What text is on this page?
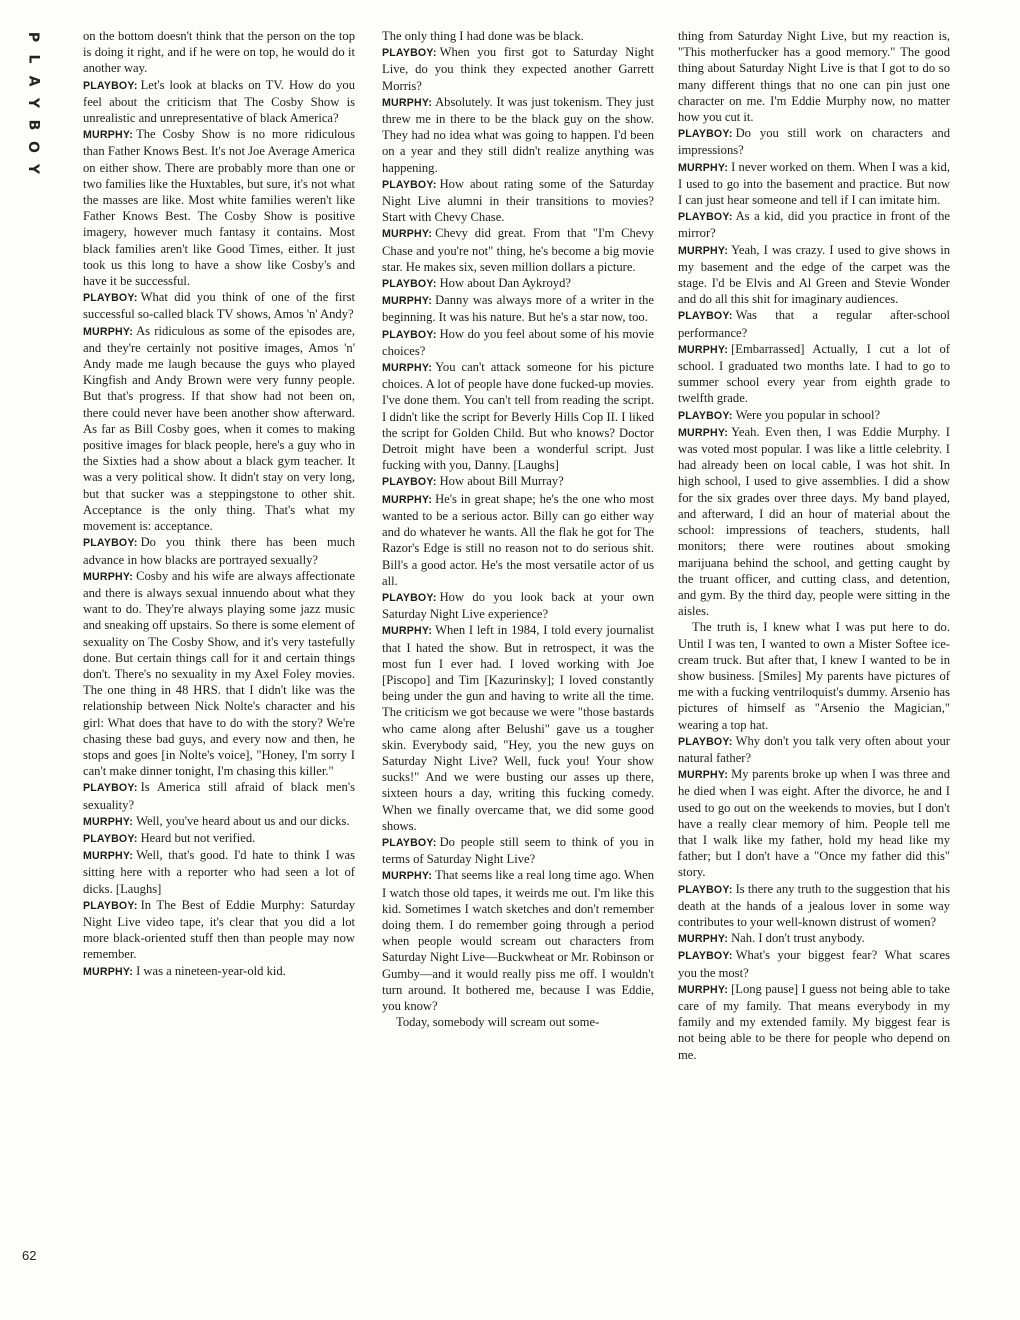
P
L
A
Y
B
O
Y

on the bottom doesn't think that the person on the top is doing it right, and if he were on top, he would do it another way.

PLAYBOY: Let's look at blacks on TV. How do you feel about the criticism that The Cosby Show is unrealistic and unrepresentative of black America?

MURPHY: The Cosby Show is no more ridiculous than Father Knows Best. It's not Joe Average America on either show. There are probably more than one or two families like the Huxtables, but sure, it's not what the masses are like. Most white families weren't like Father Knows Best. The Cosby Show is positive imagery, however much fantasy it contains. Most black families aren't like Good Times, either. It just took us this long to have a show like Cosby's and have it be successful.

PLAYBOY: What did you think of one of the first successful so-called black TV shows, Amos 'n' Andy?

MURPHY: As ridiculous as some of the episodes are, and they're certainly not positive images, Amos 'n' Andy made me laugh because the guys who played Kingfish and Andy Brown were very funny people. But that's progress. If that show had not been on, there could never have been another show afterward. As far as Bill Cosby goes, when it comes to making positive images for black people, here's a guy who in the Sixties had a show about a black gym teacher. It was a very political show. It didn't stay on very long, but that sucker was a steppingstone to other shit. Acceptance is the only thing. That's what my movement is: acceptance.

PLAYBOY: Do you think there has been much advance in how blacks are portrayed sexually?

MURPHY: Cosby and his wife are always affectionate and there is always sexual innuendo about what they want to do. They're always playing some jazz music and sneaking off upstairs. So there is some element of sexuality on The Cosby Show, and it's very tastefully done. But certain things call for it and certain things don't. There's no sexuality in my Axel Foley movies. The one thing in 48 HRS. that I didn't like was the relationship between Nick Nolte's character and his girl: What does that have to do with the story? We're chasing these bad guys, and every now and then, he stops and goes [in Nolte's voice], "Honey, I'm sorry I can't make dinner tonight, I'm chasing this killer."

PLAYBOY: Is America still afraid of black men's sexuality?

MURPHY: Well, you've heard about us and our dicks.

PLAYBOY: Heard but not verified.

MURPHY: Well, that's good. I'd hate to think I was sitting here with a reporter who had seen a lot of dicks. [Laughs]

PLAYBOY: In The Best of Eddie Murphy: Saturday Night Live video tape, it's clear that you did a lot more black-oriented stuff then than people may now remember.

MURPHY: I was a nineteen-year-old kid.

The only thing I had done was be black.

PLAYBOY: When you first got to Saturday Night Live, do you think they expected another Garrett Morris?

MURPHY: Absolutely. It was just tokenism. They just threw me in there to be the black guy on the show. They had no idea what was going to happen. I'd been on a year and they still didn't realize anything was happening.

PLAYBOY: How about rating some of the Saturday Night Live alumni in their transitions to movies? Start with Chevy Chase.

MURPHY: Chevy did great. From that "I'm Chevy Chase and you're not" thing, he's become a big movie star. He makes six, seven million dollars a picture.

PLAYBOY: How about Dan Aykroyd?

MURPHY: Danny was always more of a writer in the beginning. It was his nature. But he's a star now, too.

PLAYBOY: How do you feel about some of his movie choices?

MURPHY: You can't attack someone for his picture choices. A lot of people have done fucked-up movies. I've done them. You can't tell from reading the script. I didn't like the script for Beverly Hills Cop II. I liked the script for Golden Child. But who knows? Doctor Detroit might have been a wonderful script. Just fucking with you, Danny. [Laughs]

PLAYBOY: How about Bill Murray?

MURPHY: He's in great shape; he's the one who most wanted to be a serious actor. Billy can go either way and do whatever he wants. All the flak he got for The Razor's Edge is still no reason not to do serious shit. Bill's a good actor. He's the most versatile actor of us all.

PLAYBOY: How do you look back at your own Saturday Night Live experience?

MURPHY: When I left in 1984, I told every journalist that I hated the show. But in retrospect, it was the most fun I ever had. I loved working with Joe [Piscopo] and Tim [Kazurinsky]; I loved constantly being under the gun and having to write all the time. The criticism we got because we were "those bastards who came along after Belushi" gave us a tougher skin. Everybody said, "Hey, you the new guys on Saturday Night Live? Well, fuck you! Your show sucks!" And we were busting our asses up there, sixteen hours a day, writing this fucking comedy. When we finally overcame that, we did some good shows.

PLAYBOY: Do people still seem to think of you in terms of Saturday Night Live?

MURPHY: That seems like a real long time ago. When I watch those old tapes, it weirds me out. I'm like this kid. Sometimes I watch sketches and don't remember doing them. I do remember going through a period when people would scream out characters from Saturday Night Live—Buckwheat or Mr. Robinson or Gumby—and it would really piss me off. I wouldn't turn around. It bothered me, because I was Eddie, you know?

Today, somebody will scream out some-

thing from Saturday Night Live, but my reaction is, "This motherfucker has a good memory." The good thing about Saturday Night Live is that I got to do so many different things that no one can pin just one character on me. I'm Eddie Murphy now, no matter how you cut it.

PLAYBOY: Do you still work on characters and impressions?

MURPHY: I never worked on them. When I was a kid, I used to go into the basement and practice. But now I can just hear someone and tell if I can imitate him.

PLAYBOY: As a kid, did you practice in front of the mirror?

MURPHY: Yeah, I was crazy. I used to give shows in my basement and the edge of the carpet was the stage. I'd be Elvis and Al Green and Stevie Wonder and do all this shit for imaginary audiences.

PLAYBOY: Was that a regular after-school performance?

MURPHY: [Embarrassed] Actually, I cut a lot of school. I graduated two months late. I had to go to summer school every year from eighth grade to twelfth grade.

PLAYBOY: Were you popular in school?

MURPHY: Yeah. Even then, I was Eddie Murphy. I was voted most popular. I was like a little celebrity. I had already been on local cable, I was hot shit. In high school, I used to give assemblies. I did a show for the six grades over three days. My band played, and afterward, I did an hour of material about the school: impressions of teachers, students, hall monitors; there were routines about smoking marijuana behind the school, and getting caught by the truant officer, and cutting class, and detention, and gym. By the third day, people were sitting in the aisles.

The truth is, I knew what I was put here to do. Until I was ten, I wanted to own a Mister Softee ice-cream truck. But after that, I knew I wanted to be in show business. [Smiles] My parents have pictures of me with a fucking ventriloquist's dummy. Arsenio has pictures of himself as "Arsenio the Magician," wearing a top hat.

PLAYBOY: Why don't you talk very often about your natural father?

MURPHY: My parents broke up when I was three and he died when I was eight. After the divorce, he and I used to go out on the weekends to movies, but I don't have a really clear memory of him. People tell me that I walk like my father, hold my head like my father; but I don't have a "Once my father did this" story.

PLAYBOY: Is there any truth to the suggestion that his death at the hands of a jealous lover in some way contributes to your well-known distrust of women?

MURPHY: Nah. I don't trust anybody.

PLAYBOY: What's your biggest fear? What scares you the most?

MURPHY: [Long pause] I guess not being able to take care of my family. That means everybody in my family and my extended family. My biggest fear is not being able to be there for people who depend on me.

62
